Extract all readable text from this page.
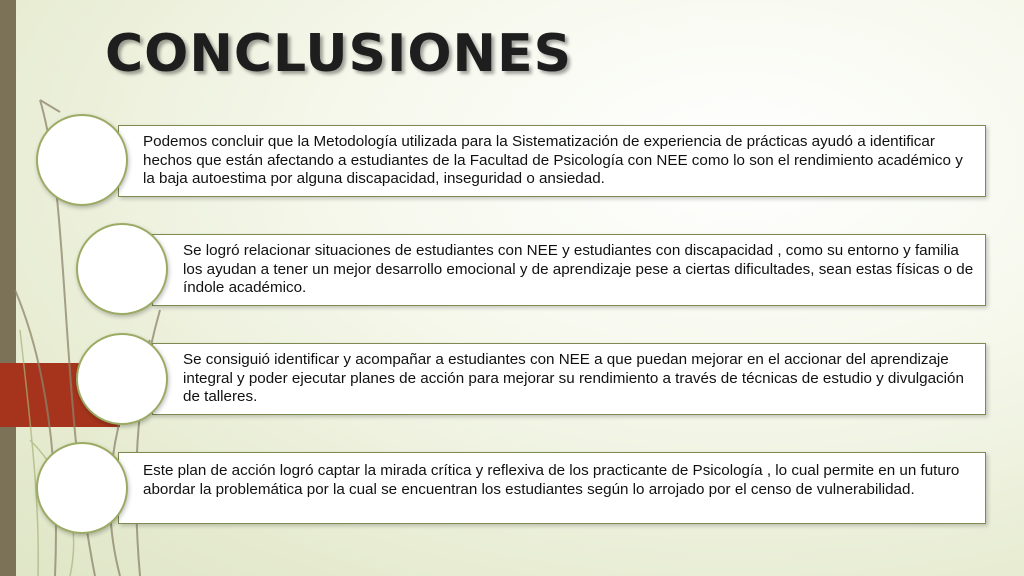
CONCLUSIONES

Podemos concluir que la Metodología utilizada para la Sistematización de experiencia de prácticas ayudó a identificar hechos que están afectando a estudiantes de la Facultad de Psicología con NEE como lo son el rendimiento académico y la baja autoestima por alguna discapacidad, inseguridad o ansiedad.

Se logró relacionar situaciones de estudiantes con NEE y estudiantes con discapacidad , como su entorno y familia los ayudan a tener un mejor desarrollo emocional y de aprendizaje pese a ciertas dificultades, sean estas físicas o de índole académico.

Se consiguió identificar y acompañar a estudiantes con NEE a que puedan mejorar en el accionar del aprendizaje integral y poder ejecutar planes de acción para mejorar su rendimiento a través de técnicas de estudio y divulgación de talleres.

Este plan de acción logró captar la mirada crítica y reflexiva de los practicante de Psicología , lo cual permite en un futuro abordar la problemática por la cual se encuentran los estudiantes según lo arrojado por el censo de vulnerabilidad.
